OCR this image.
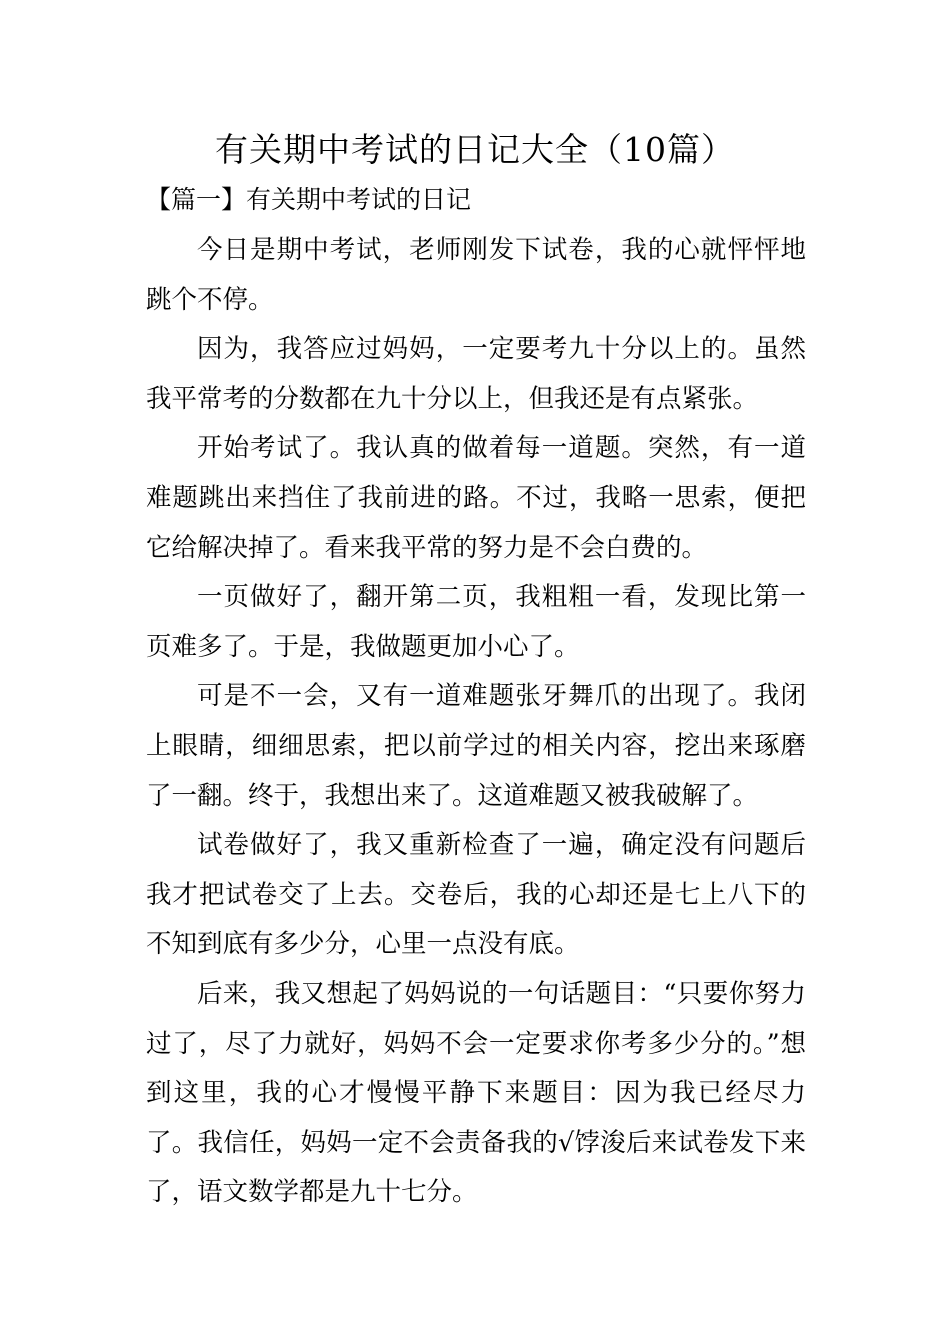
有关期中考试的日记大全（10篇）
【篇一】有关期中考试的日记

今日是期中考试，老师刚发下试卷，我的心就怦怦地跳个不停。

因为，我答应过妈妈，一定要考九十分以上的。虽然我平常考的分数都在九十分以上，但我还是有点紧张。

开始考试了。我认真的做着每一道题。突然，有一道难题跳出来挡住了我前进的路。不过，我略一思索，便把它给解决掉了。看来我平常的努力是不会白费的。

一页做好了，翻开第二页，我粗粗一看，发现比第一页难多了。于是，我做题更加小心了。

可是不一会，又有一道难题张牙舞爪的出现了。我闭上眼睛，细细思索，把以前学过的相关内容，挖出来琢磨了一翻。终于，我想出来了。这道难题又被我破解了。

试卷做好了，我又重新检查了一遍，确定没有问题后我才把试卷交了上去。交卷后，我的心却还是七上八下的不知到底有多少分，心里一点没有底。

后来，我又想起了妈妈说的一句话题目：“只要你努力过了，尽了力就好，妈妈不会一定要求你考多少分的。”想到这里，我的心才慢慢平静下来题目：因为我已经尽力了。我信任，妈妈一定不会责备我的√饽浚后来试卷发下来了，语文数学都是九十七分。
